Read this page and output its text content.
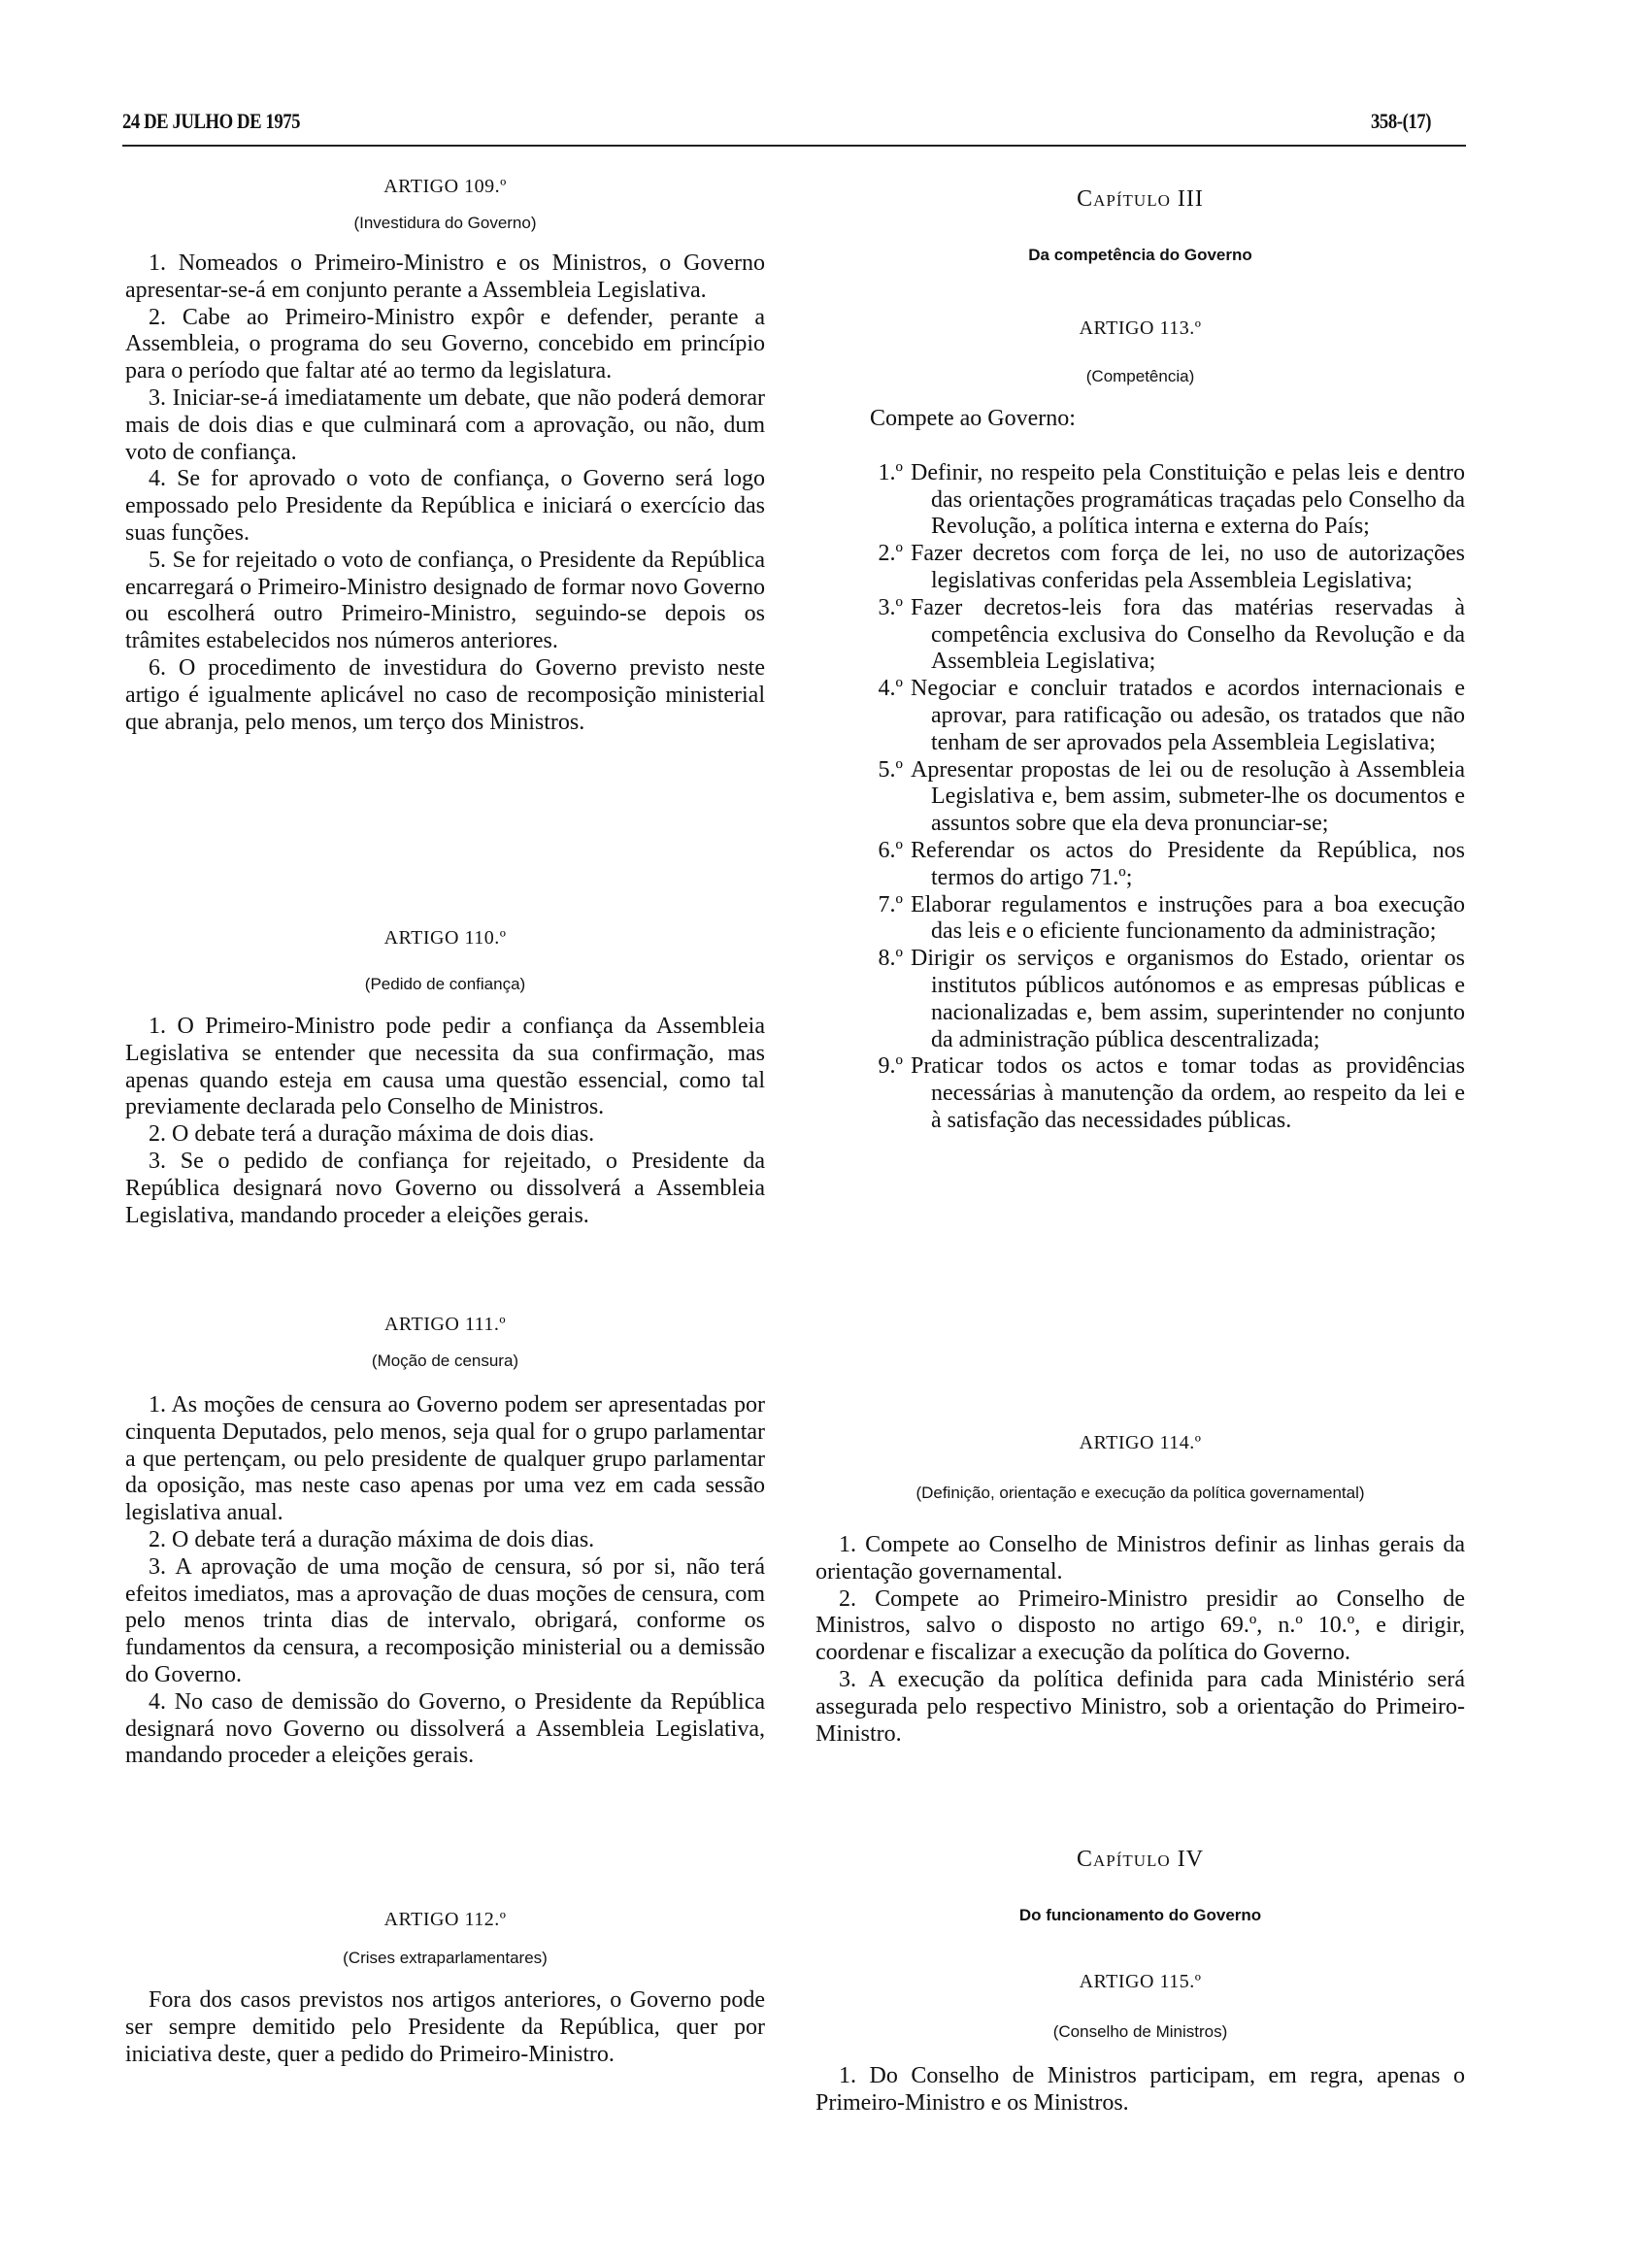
24 DE JULHO DE 1975	358-(17)
ARTIGO 109.º
(Investidura do Governo)

1. Nomeados o Primeiro-Ministro e os Ministros, o Governo apresentar-se-á em conjunto perante a Assembleia Legislativa.

2. Cabe ao Primeiro-Ministro expôr e defender, perante a Assembleia, o programa do seu Governo, concebido em princípio para o período que faltar até ao termo da legislatura.

3. Iniciar-se-á imediatamente um debate, que não poderá demorar mais de dois dias e que culminará com a aprovação, ou não, dum voto de confiança.

4. Se for aprovado o voto de confiança, o Governo será logo empossado pelo Presidente da República e iniciará o exercício das suas funções.

5. Se for rejeitado o voto de confiança, o Presidente da República encarregará o Primeiro-Ministro designado de formar novo Governo ou escolherá outro Primeiro-Ministro, seguindo-se depois os trâmites estabelecidos nos números anteriores.

6. O procedimento de investidura do Governo previsto neste artigo é igualmente aplicável no caso de recomposição ministerial que abranja, pelo menos, um terço dos Ministros.

ARTIGO 110.º
(Pedido de confiança)

1. O Primeiro-Ministro pode pedir a confiança da Assembleia Legislativa se entender que necessita da sua confirmação, mas apenas quando esteja em causa uma questão essencial, como tal previamente declarada pelo Conselho de Ministros.

2. O debate terá a duração máxima de dois dias.

3. Se o pedido de confiança for rejeitado, o Presidente da República designará novo Governo ou dissolverá a Assembleia Legislativa, mandando proceder a eleições gerais.

ARTIGO 111.º
(Moção de censura)

1. As moções de censura ao Governo podem ser apresentadas por cinquenta Deputados, pelo menos, seja qual for o grupo parlamentar a que pertençam, ou pelo presidente de qualquer grupo parlamentar da oposição, mas neste caso apenas por uma vez em cada sessão legislativa anual.

2. O debate terá a duração máxima de dois dias.

3. A aprovação de uma moção de censura, só por si, não terá efeitos imediatos, mas a aprovação de duas moções de censura, com pelo menos trinta dias de intervalo, obrigará, conforme os fundamentos da censura, a recomposição ministerial ou a demissão do Governo.

4. No caso de demissão do Governo, o Presidente da República designará novo Governo ou dissolverá a Assembleia Legislativa, mandando proceder a eleições gerais.

ARTIGO 112.º
(Crises extraparlamentares)

Fora dos casos previstos nos artigos anteriores, o Governo pode ser sempre demitido pelo Presidente da República, quer por iniciativa deste, quer a pedido do Primeiro-Ministro.

Capítulo III
Da competência do Governo
ARTIGO 113.º
(Competência)

Compete ao Governo:

1.º Definir, no respeito pela Constituição e pelas leis e dentro das orientações programáticas traçadas pelo Conselho da Revolução, a política interna e externa do País;
2.º Fazer decretos com força de lei, no uso de autorizações legislativas conferidas pela Assembleia Legislativa;
3.º Fazer decretos-leis fora das matérias reservadas à competência exclusiva do Conselho da Revolução e da Assembleia Legislativa;
4.º Negociar e concluir tratados e acordos internacionais e aprovar, para ratificação ou adesão, os tratados que não tenham de ser aprovados pela Assembleia Legislativa;
5.º Apresentar propostas de lei ou de resolução à Assembleia Legislativa e, bem assim, submeter-lhe os documentos e assuntos sobre que ela deva pronunciar-se;
6.º Referendar os actos do Presidente da República, nos termos do artigo 71.º;
7.º Elaborar regulamentos e instruções para a boa execução das leis e o eficiente funcionamento da administração;
8.º Dirigir os serviços e organismos do Estado, orientar os institutos públicos autónomos e as empresas públicas e nacionalizadas e, bem assim, superintender no conjunto da administração pública descentralizada;
9.º Praticar todos os actos e tomar todas as providências necessárias à manutenção da ordem, ao respeito da lei e à satisfação das necessidades públicas.
ARTIGO 114.º
(Definição, orientação e execução da política governamental)

1. Compete ao Conselho de Ministros definir as linhas gerais da orientação governamental.

2. Compete ao Primeiro-Ministro presidir ao Conselho de Ministros, salvo o disposto no artigo 69.º, n.º 10.º, e dirigir, coordenar e fiscalizar a execução da política do Governo.

3. A execução da política definida para cada Ministério será assegurada pelo respectivo Ministro, sob a orientação do Primeiro-Ministro.

Capítulo IV
Do funcionamento do Governo
ARTIGO 115.º
(Conselho de Ministros)

1. Do Conselho de Ministros participam, em regra, apenas o Primeiro-Ministro e os Ministros.
